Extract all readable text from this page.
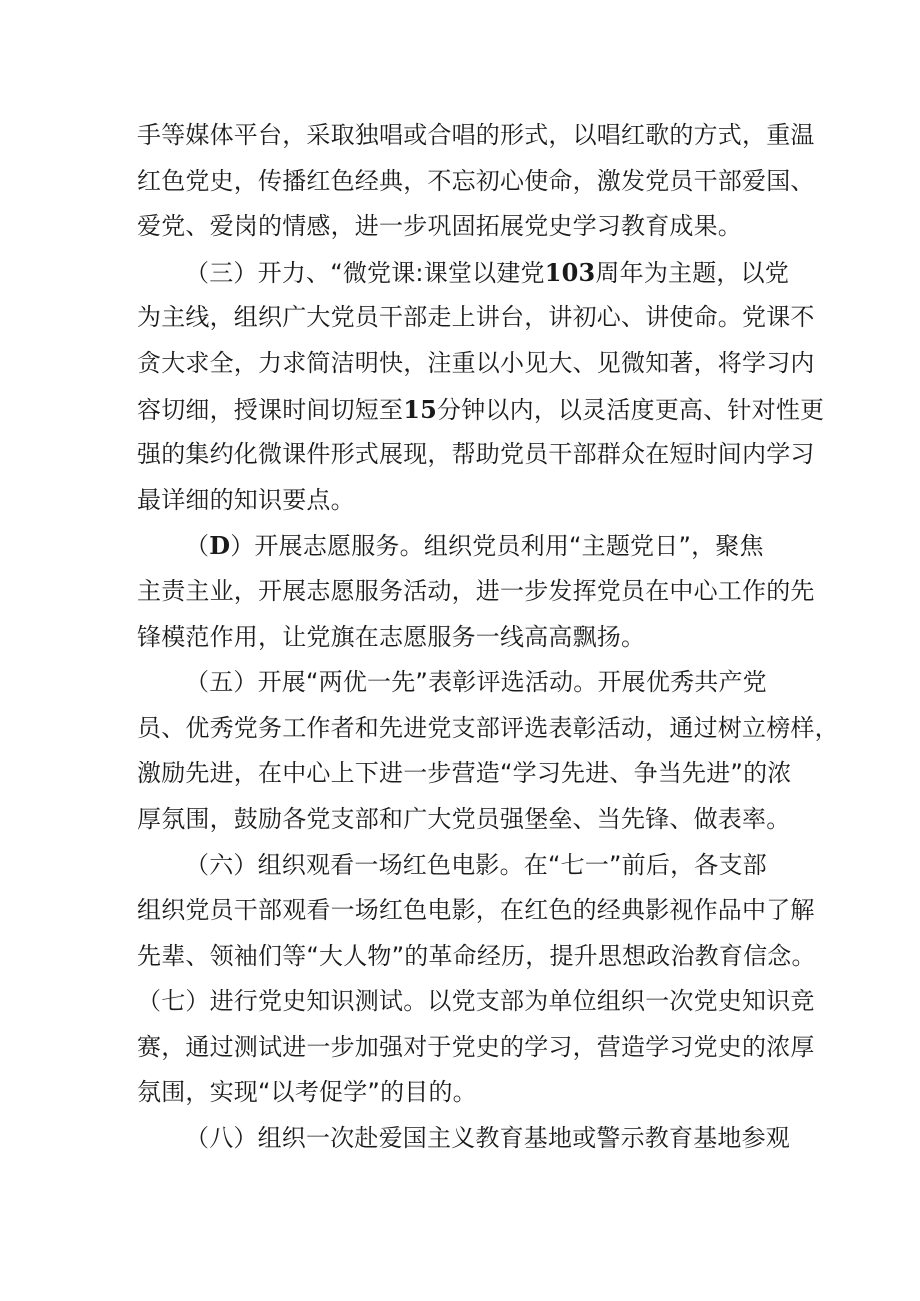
手等媒体平台，采取独唱或合唱的形式，以唱红歌的方式，重温
红色党史，传播红色经典，不忘初心使命，激发党员干部爱国、
爱党、爱岗的情感，进一步巩固拓展党史学习教育成果。
（三）开力、“微党课:课堂以建党103周年为主题，以党
为主线，组织广大党员干部走上讲台，讲初心、讲使命。党课不
贪大求全，力求简洁明快，注重以小见大、见微知著，将学习内
容切细，授课时间切短至15分钟以内，以灵活度更高、针对性更
强的集约化微课件形式展现，帮助党员干部群众在短时间内学习
最详细的知识要点。
（D）开展志愿服务。组织党员利用“主题党日”，聚焦
主责主业，开展志愿服务活动，进一步发挥党员在中心工作的先
锋模范作用，让党旗在志愿服务一线高高飘扬。
（五）开展“两优一先”表彰评选活动。开展优秀共产党
员、优秀党务工作者和先进党支部评选表彰活动，通过树立榜样，
激励先进，在中心上下进一步营造“学习先进、争当先进”的浓
厚氛围，鼓励各党支部和广大党员强堡垒、当先锋、做表率。
（六）组织观看一场红色电影。在“七一”前后，各支部
组织党员干部观看一场红色电影，在红色的经典影视作品中了解
先辈、领袖们等“大人物”的革命经历，提升思想政治教育信念。
（七）进行党史知识测试。以党支部为单位组织一次党史知识竞
赛，通过测试进一步加强对于党史的学习，营造学习党史的浓厚
氛围，实现“以考促学”的目的。
（八）组织一次赴爱国主义教育基地或警示教育基地参观
